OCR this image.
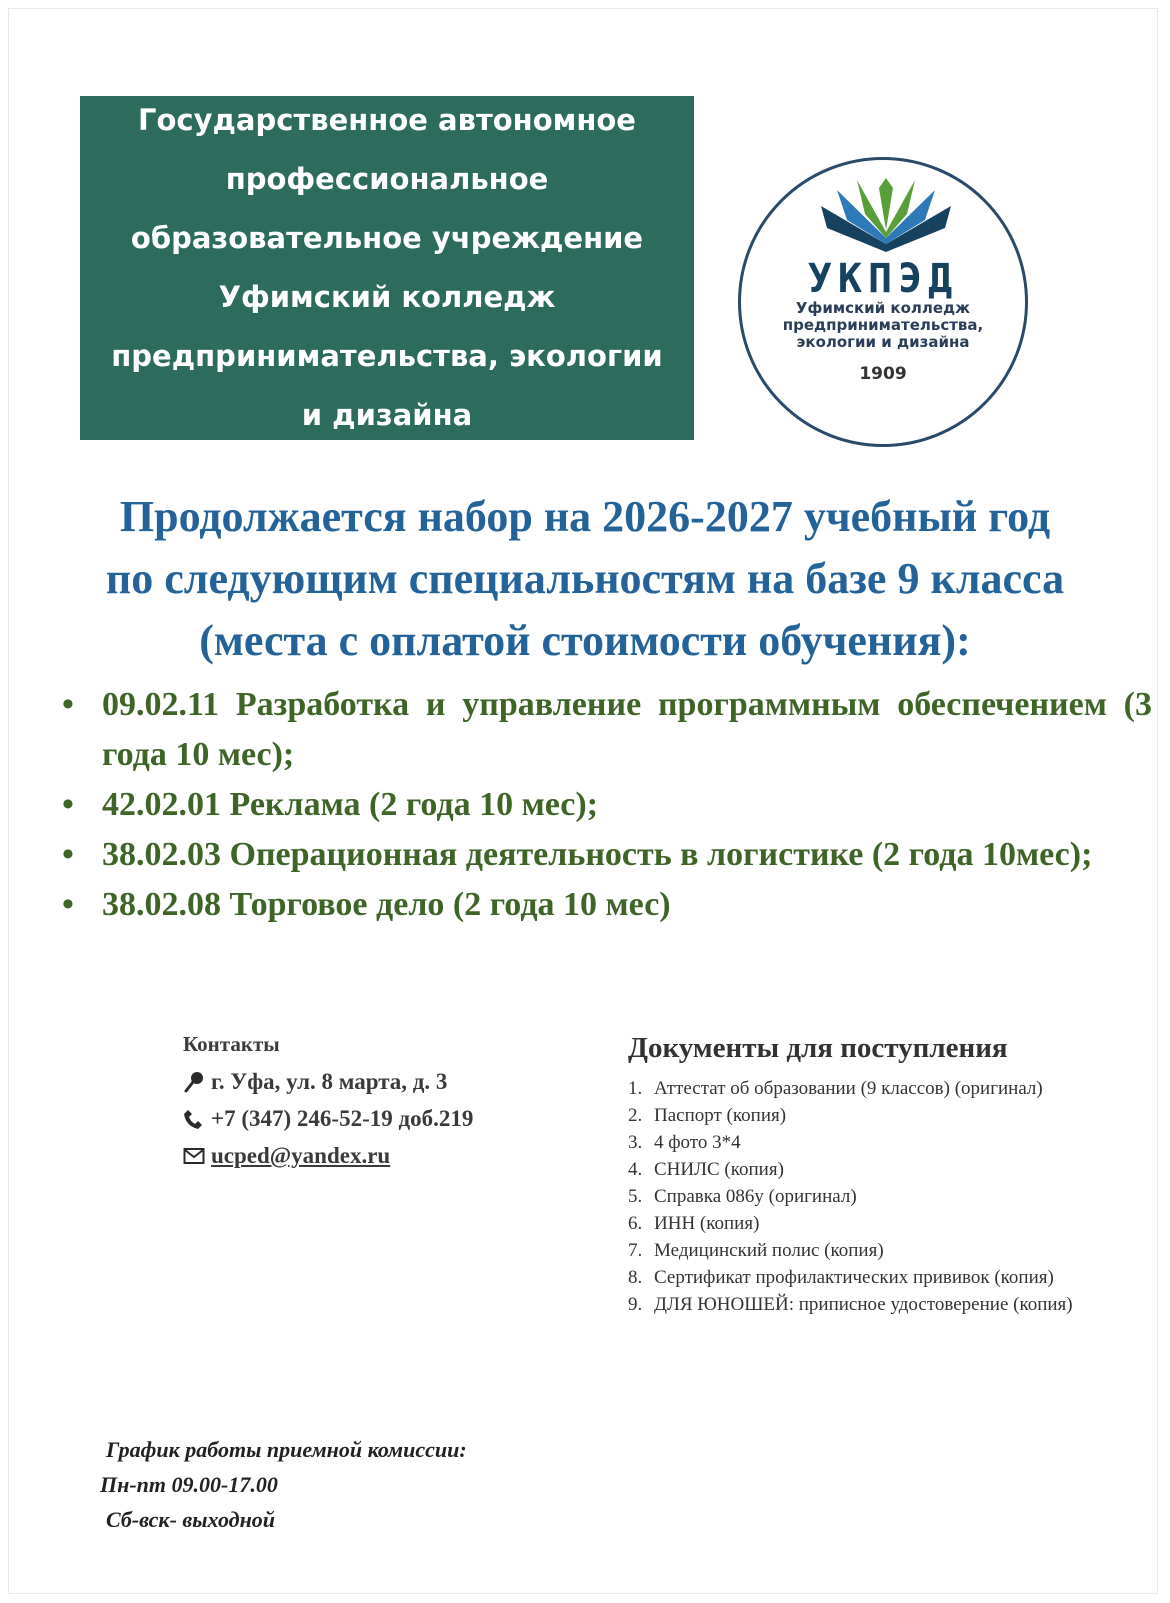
Государственное автономное
профессиональное
образовательное учреждение
Уфимский колледж
предпринимательства, экологии
и дизайна
УКПЭД
Уфимский колледж
предпринимательства,
экологии и дизайна
1909
Продолжается набор на 2026-2027 учебный год
по следующим специальностям на базе 9 класса
(места с оплатой стоимости обучения):
• 09.02.11 Разработка и управление программным обеспечением (3 года 10 мес);
• 42.02.01 Реклама (2 года 10 мес);
• 38.02.03 Операционная деятельность в логистике (2 года 10мес);
• 38.02.08 Торговое дело (2 года 10 мес)
Контакты
г. Уфа, ул. 8 марта, д. 3
+7 (347) 246-52-19 доб.219
ucped@yandex.ru
Документы для поступления
1. Аттестат об образовании (9 классов) (оригинал)
2. Паспорт (копия)
3. 4 фото 3*4
4. СНИЛС (копия)
5. Справка 086у (оригинал)
6. ИНН (копия)
7. Медицинский полис (копия)
8. Сертификат профилактических прививок (копия)
9. ДЛЯ ЮНОШЕЙ: приписное удостоверение (копия)
График работы приемной комиссии:
Пн-пт 09.00-17.00
Сб-вск- выходной
